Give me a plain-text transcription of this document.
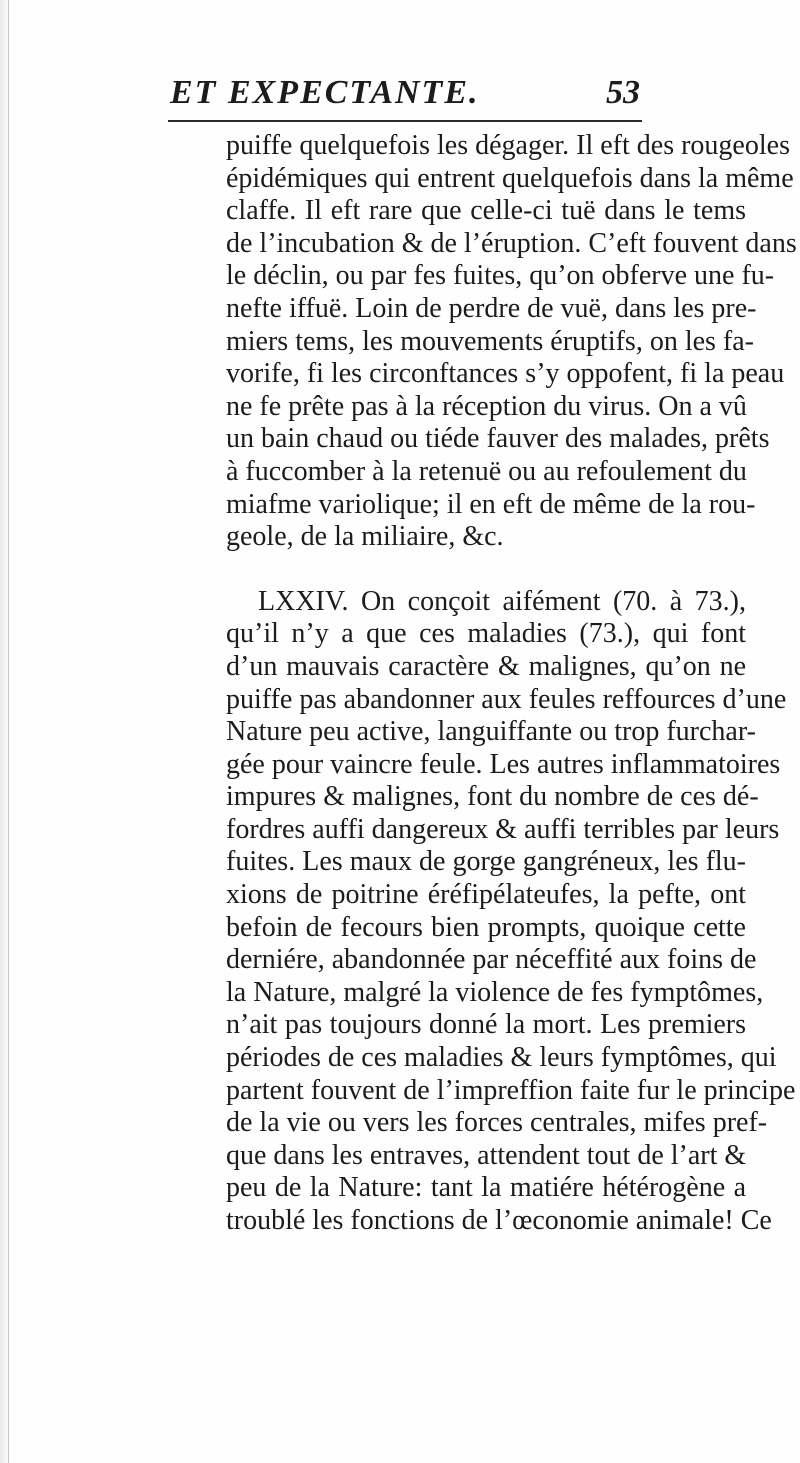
ET EXPECTANTE.	53
puiffe quelquefois les dégager. Il eft des rougeoles
épidémiques qui entrent quelquefois dans la même
claffe. Il eft rare que celle-ci tuë dans le tems
de l’incubation & de l’éruption. C’eft fouvent dans
le déclin, ou par fes fuites, qu’on obferve une fu-
nefte iffuë. Loin de perdre de vuë, dans les pre-
miers tems, les mouvements éruptifs, on les fa-
vorife, fi les circonftances s’y oppofent, fi la peau
ne fe prête pas à la réception du virus. On a vû
un bain chaud ou tiéde fauver des malades, prêts
à fuccomber à la retenuë ou au refoulement du
miafme variolique; il en eft de même de la rou-
geole, de la miliaire, &c.
LXXIV. On conçoit aifément (70. à 73.),
qu’il n’y a que ces maladies (73.), qui font
d’un mauvais caractère & malignes, qu’on ne
puiffe pas abandonner aux feules reffources d’une
Nature peu active, languiffante ou trop furchar-
gée pour vaincre feule. Les autres inflammatoires
impures & malignes, font du nombre de ces dé-
fordres auffi dangereux & auffi terribles par leurs
fuites. Les maux de gorge gangréneux, les flu-
xions de poitrine éréfipélateufes, la pefte, ont
befoin de fecours bien prompts, quoique cette
derniére, abandonnée par néceffité aux foins de
la Nature, malgré la violence de fes fymptômes,
n’ait pas toujours donné la mort. Les premiers
périodes de ces maladies & leurs fymptômes, qui
partent fouvent de l’impreffion faite fur le principe
de la vie ou vers les forces centrales, mifes pref-
que dans les entraves, attendent tout de l’art &
peu de la Nature: tant la matiére hétérogène a
troublé les fonctions de l’œconomie animale! Ce
